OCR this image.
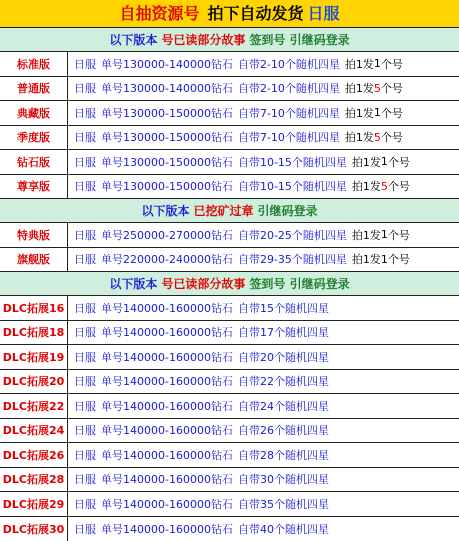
自抽资源号 拍下自动发货 日服
以下版本 号已读部分故事 签到号 引继码登录
标准版	日服 单号130000-140000钻石 自带2-10个随机四星 拍1发 1 个号
普通版	日服 单号130000-140000钻石 自带2-10个随机四星 拍1发 5 个号
典藏版	日服 单号130000-150000钻石 自带7-10个随机四星 拍1发 1 个号
季度版	日服 单号130000-150000钻石 自带7-10个随机四星 拍1发 5 个号
钻石版	日服 单号130000-150000钻石 自带10-15个随机四星 拍1发 1 个号
尊享版	日服 单号130000-150000钻石 自带10-15个随机四星 拍1发 5 个号
以下版本 已挖矿过章 引继码登录
特典版	日服 单号250000-270000钻石 自带20-25个随机四星 拍1发 1 个号
旗舰版	日服 单号220000-240000钻石 自带29-35个随机四星 拍1发 1 个号
以下版本 号已读部分故事 签到号 引继码登录
DLC拓展16 日服 单号140000-160000钻石 自带15个随机四星
DLC拓展18 日服 单号140000-160000钻石 自带17个随机四星
DLC拓展19 日服 单号140000-160000钻石 自带20个随机四星
DLC拓展20 日服 单号140000-160000钻石 自带22个随机四星
DLC拓展22 日服 单号140000-160000钻石 自带24个随机四星
DLC拓展24 日服 单号140000-160000钻石 自带26个随机四星
DLC拓展26 日服 单号140000-160000钻石 自带28个随机四星
DLC拓展28 日服 单号140000-160000钻石 自带30个随机四星
DLC拓展29 日服 单号140000-160000钻石 自带35个随机四星
DLC拓展30 日服 单号140000-160000钻石 自带40个随机四星
